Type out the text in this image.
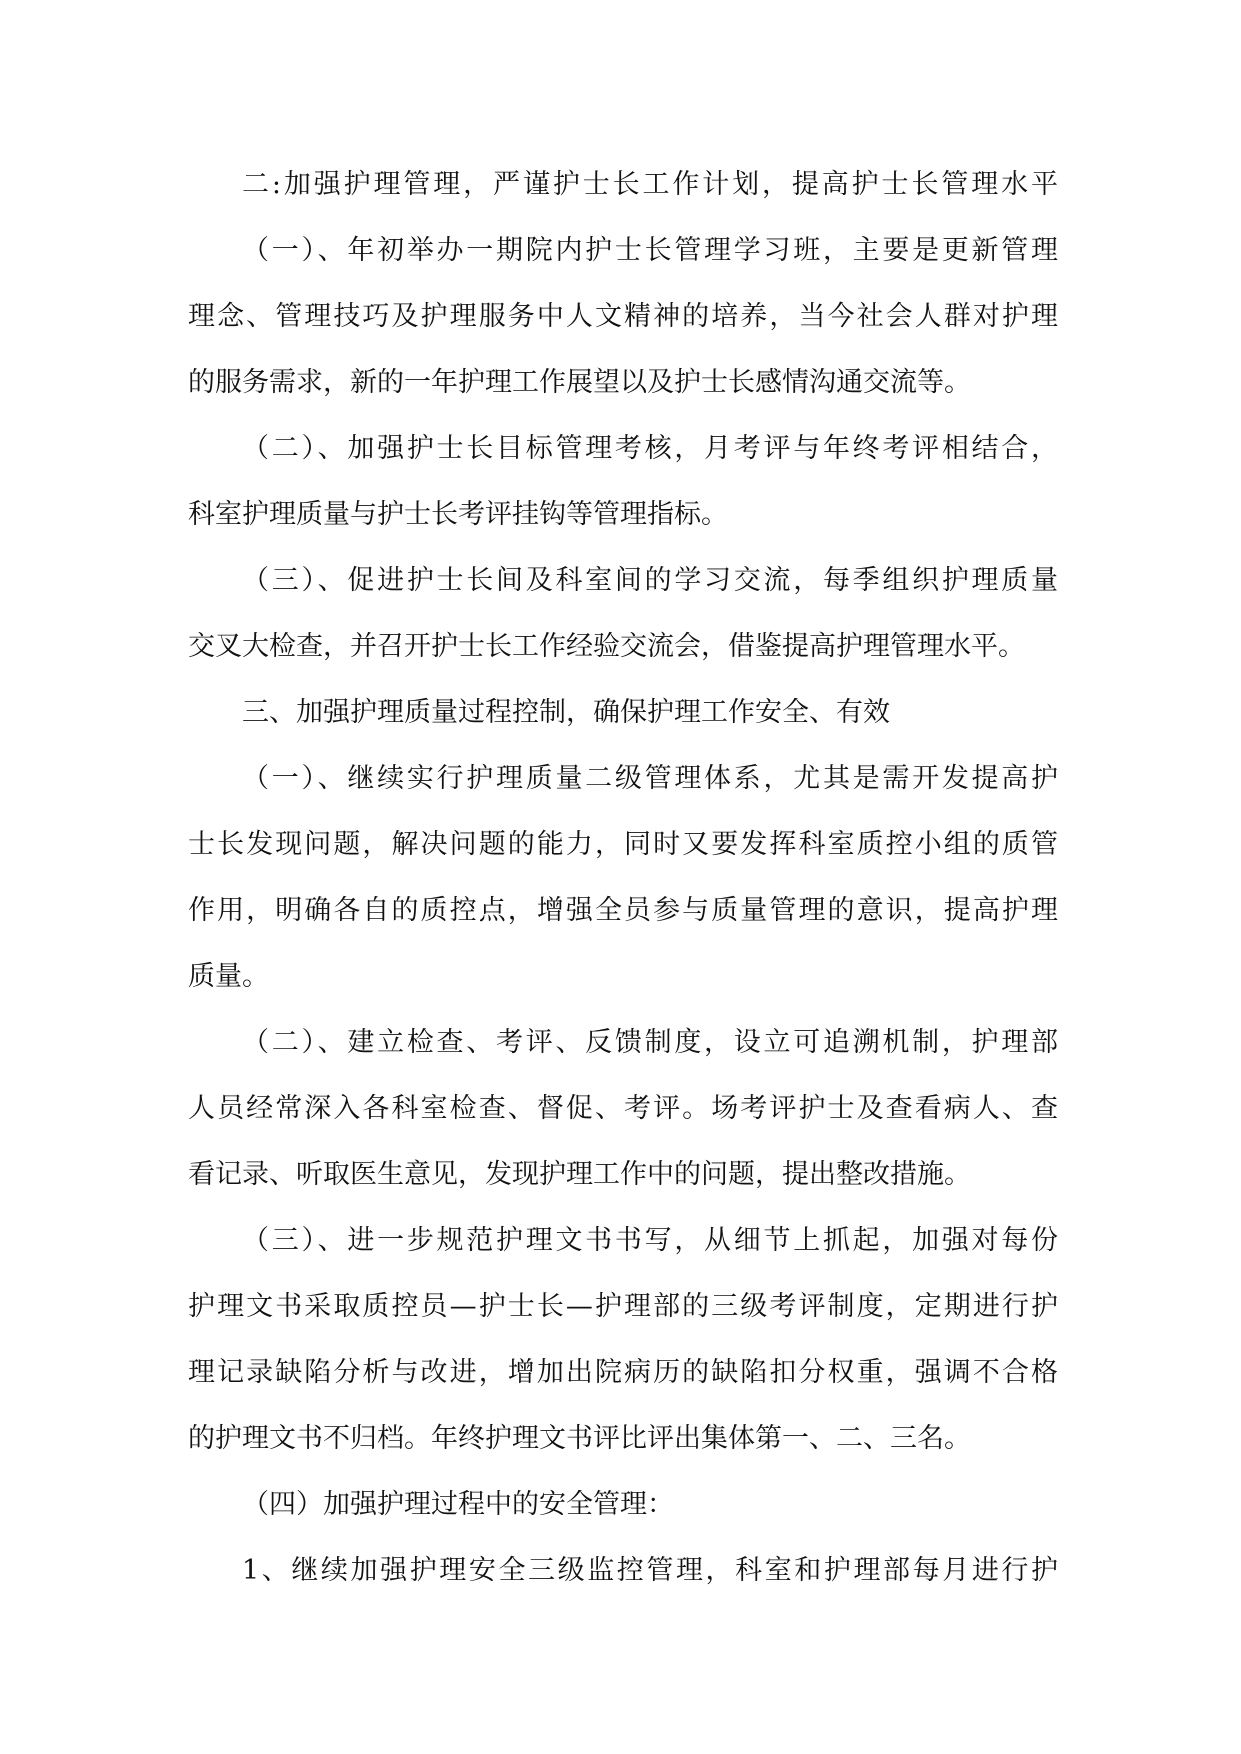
二:加强护理管理，严谨护士长工作计划，提高护士长管理水平
（一）、年初举办一期院内护士长管理学习班，主要是更新管理
理念、管理技巧及护理服务中人文精神的培养，当今社会人群对护理
的服务需求，新的一年护理工作展望以及护士长感情沟通交流等。
（二）、加强护士长目标管理考核，月考评与年终考评相结合，
科室护理质量与护士长考评挂钩等管理指标。
（三）、促进护士长间及科室间的学习交流，每季组织护理质量
交叉大检查，并召开护士长工作经验交流会，借鉴提高护理管理水平。
三、加强护理质量过程控制，确保护理工作安全、有效
（一）、继续实行护理质量二级管理体系，尤其是需开发提高护
士长发现问题，解决问题的能力，同时又要发挥科室质控小组的质管
作用，明确各自的质控点，增强全员参与质量管理的意识，提高护理
质量。
（二）、建立检查、考评、反馈制度，设立可追溯机制，护理部
人员经常深入各科室检查、督促、考评。场考评护士及查看病人、查
看记录、听取医生意见，发现护理工作中的问题，提出整改措施。
（三）、进一步规范护理文书书写，从细节上抓起，加强对每份
护理文书采取质控员—护士长—护理部的三级考评制度，定期进行护
理记录缺陷分析与改进，增加出院病历的缺陷扣分权重，强调不合格
的护理文书不归档。年终护理文书评比评出集体第一、二、三名。
（四）加强护理过程中的安全管理：
1、继续加强护理安全三级监控管理，科室和护理部每月进行护
